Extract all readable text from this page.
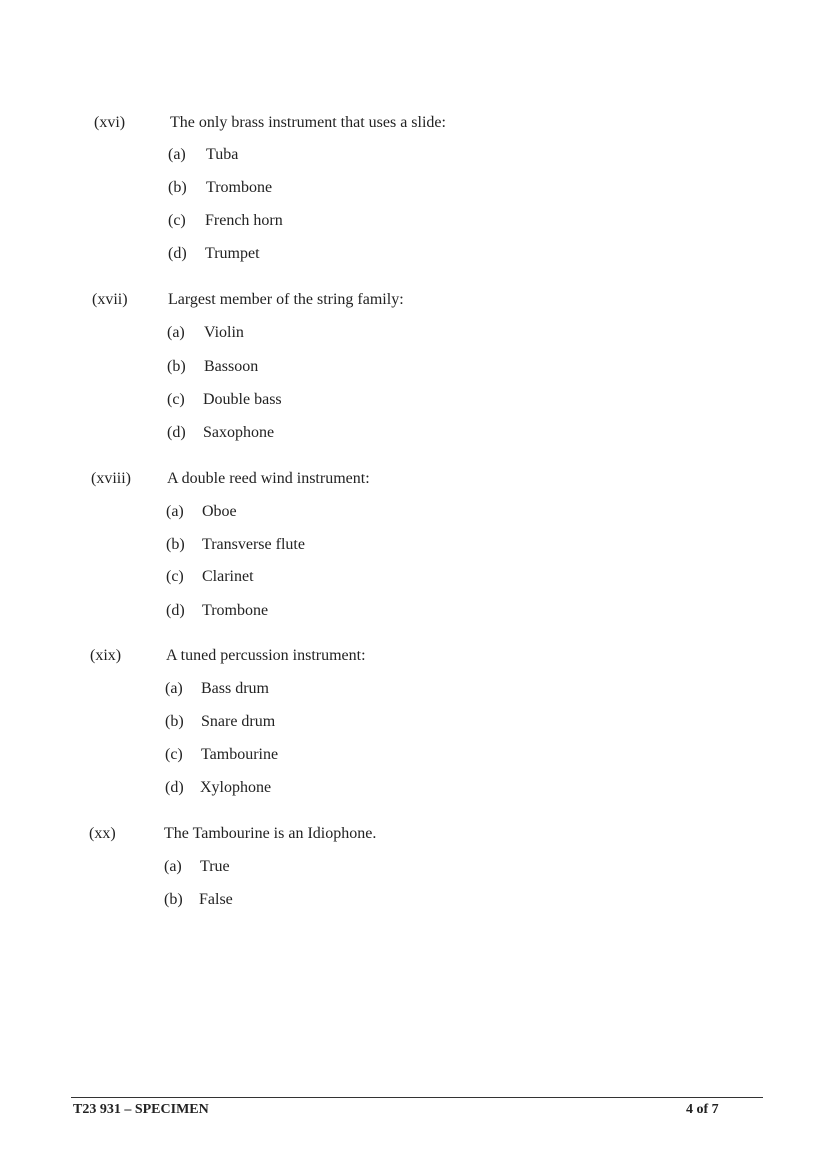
(xvi)	The only brass instrument that uses a slide:
(a) Tuba
(b) Trombone
(c) French horn
(d) Trumpet
(xvii)	Largest member of the string family:
(a) Violin
(b) Bassoon
(c) Double bass
(d) Saxophone
(xviii) A double reed wind instrument:
(a) Oboe
(b) Transverse flute
(c) Clarinet
(d) Trombone
(xix)	A tuned percussion instrument:
(a) Bass drum
(b) Snare drum
(c) Tambourine
(d) Xylophone
(xx)	The Tambourine is an Idiophone.
(a) True
(b) False
T23 931 – SPECIMEN	4 of 7
